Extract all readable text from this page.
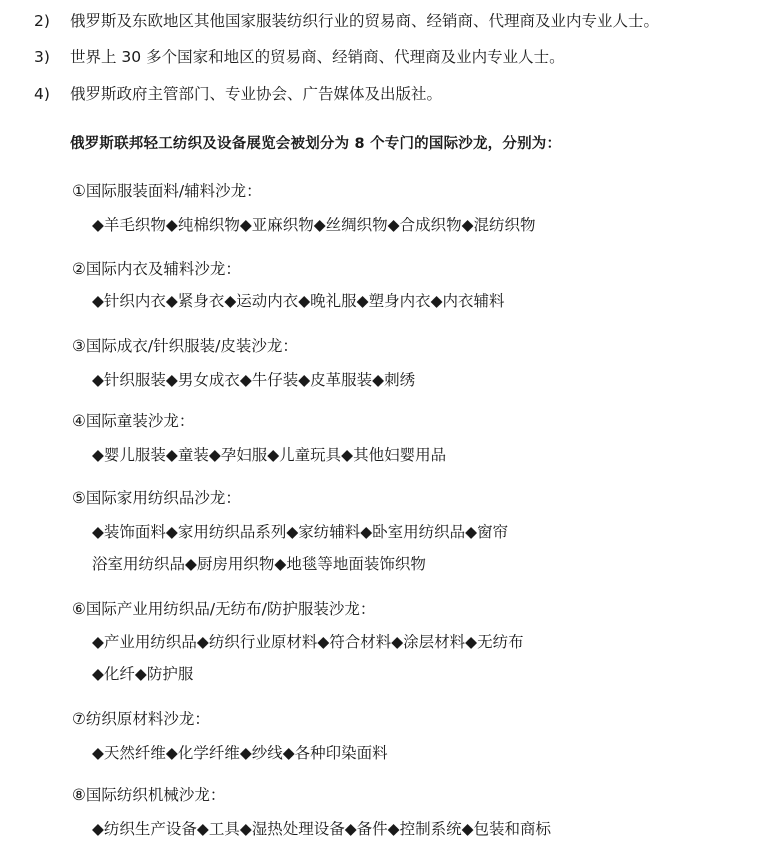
2) 俄罗斯及东欧地区其他国家服装纺织行业的贸易商、经销商、代理商及业内专业人士。
3) 世界上 30 多个国家和地区的贸易商、经销商、代理商及业内专业人士。
4) 俄罗斯政府主管部门、专业协会、广告媒体及出版社。
俄罗斯联邦轻工纺织及设备展览会被划分为 8 个专门的国际沙龙，分别为：
①国际服装面料/辅料沙龙：
◆羊毛织物◆纯棉织物◆亚麻织物◆丝绸织物◆合成织物◆混纺织物
②国际内衣及辅料沙龙：
◆针织内衣◆紧身衣◆运动内衣◆晚礼服◆塑身内衣◆内衣辅料
③国际成衣/针织服装/皮装沙龙：
◆针织服装◆男女成衣◆牛仔装◆皮革服装◆刺绣
④国际童装沙龙：
◆婴儿服装◆童装◆孕妇服◆儿童玩具◆其他妇婴用品
⑤国际家用纺织品沙龙：
◆装饰面料◆家用纺织品系列◆家纺辅料◆卧室用纺织品◆窗帘
浴室用纺织品◆厨房用织物◆地毯等地面装饰织物
⑥国际产业用纺织品/无纺布/防护服装沙龙：
◆产业用纺织品◆纺织行业原材料◆符合材料◆涂层材料◆无纺布
◆化纤◆防护服
⑦纺织原材料沙龙：
◆天然纤维◆化学纤维◆纱线◆各种印染面料
⑧国际纺织机械沙龙：
◆纺织生产设备◆工具◆湿热处理设备◆备件◆控制系统◆包装和商标
